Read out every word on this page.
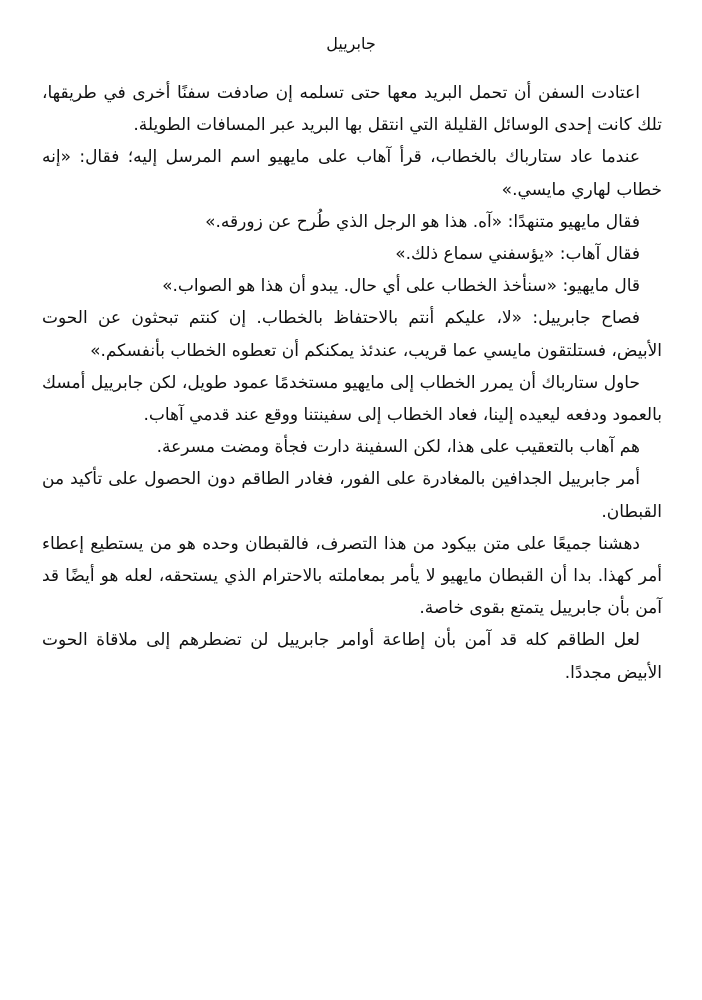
جابرييل

اعتادت السفن أن تحمل البريد معها حتى تسلمه إن صادفت سفنًا أخرى في طريقها، تلك كانت إحدى الوسائل القليلة التي انتقل بها البريد عبر المسافات الطويلة.

عندما عاد ستارباك بالخطاب، قرأ آهاب على مايهيو اسم المرسل إليه؛ فقال: «إنه خطاب لهاري مايسي.»

فقال مايهيو متنهدًا: «آه. هذا هو الرجل الذي طُرح عن زورقه.»

فقال آهاب: «يؤسفني سماع ذلك.»

قال مايهيو: «سنأخذ الخطاب على أي حال. يبدو أن هذا هو الصواب.»

فصاح جابرييل: «لا، عليكم أنتم بالاحتفاظ بالخطاب. إن كنتم تبحثون عن الحوت الأبيض، فستلتقون مايسي عما قريب، عندئذ يمكنكم أن تعطوه الخطاب بأنفسكم.»

حاول ستارباك أن يمرر الخطاب إلى مايهيو مستخدمًا عمود طويل، لكن جابرييل أمسك بالعمود ودفعه ليعيده إلينا، فعاد الخطاب إلى سفينتنا ووقع عند قدمي آهاب.

هم آهاب بالتعقيب على هذا، لكن السفينة دارت فجأة ومضت مسرعة.

أمر جابرييل الجدافين بالمغادرة على الفور، فغادر الطاقم دون الحصول على تأكيد من القبطان.

دهشنا جميعًا على متن بيكود من هذا التصرف، فالقبطان وحده هو من يستطيع إعطاء أمر كهذا. بدا أن القبطان مايهيو لا يأمر بمعاملته بالاحترام الذي يستحقه، لعله هو أيضًا قد آمن بأن جابرييل يتمتع بقوى خاصة.

لعل الطاقم كله قد آمن بأن إطاعة أوامر جابرييل لن تضطرهم إلى ملاقاة الحوت الأبيض مجددًا.
